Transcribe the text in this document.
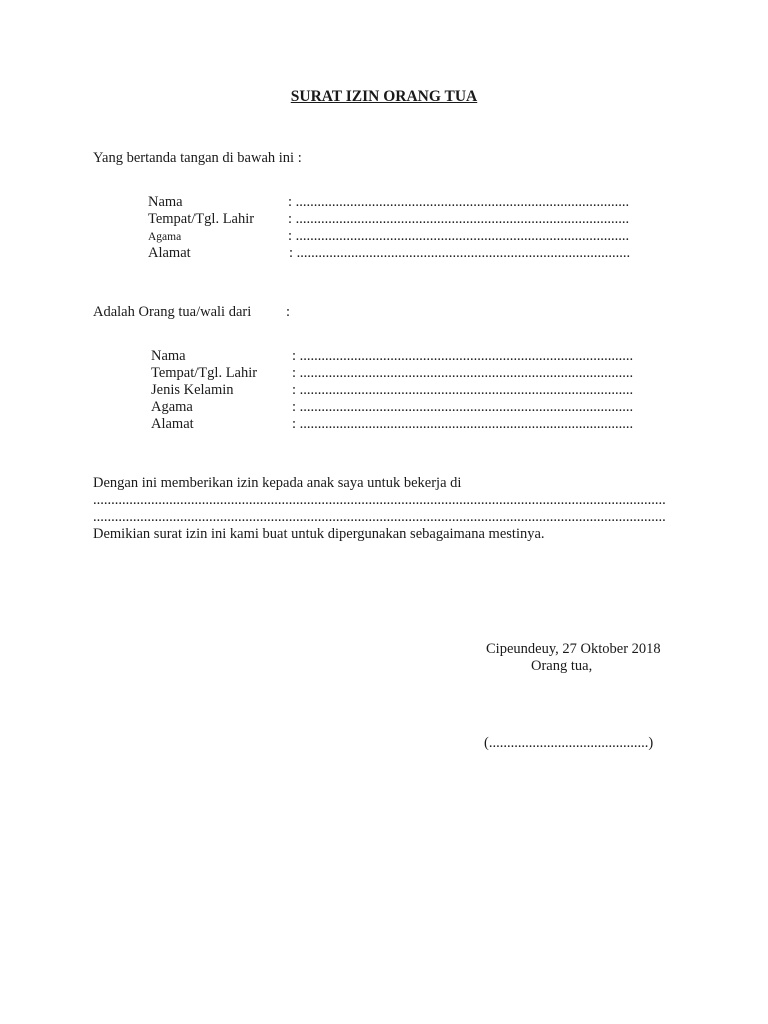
SURAT IZIN ORANG TUA
Yang bertanda tangan di bawah ini :
Nama	: ............................................................................................
Tempat/Tgl. Lahir : ............................................................................................
Agama	: ............................................................................................
Alamat	: ............................................................................................
Adalah Orang tua/wali dari :
Nama	: ............................................................................................
Tempat/Tgl. Lahir : ............................................................................................
Jenis Kelamin	: ............................................................................................
Agama	: ............................................................................................
Alamat	: ............................................................................................
Dengan ini memberikan izin kepada anak saya untuk bekerja di
..............................................................................................................................................................
..............................................................................................................................................................
Demikian surat izin ini kami buat untuk dipergunakan sebagaimana mestinya.
Cipeundeuy, 27 Oktober 2018
Orang tua,
(............................................)
